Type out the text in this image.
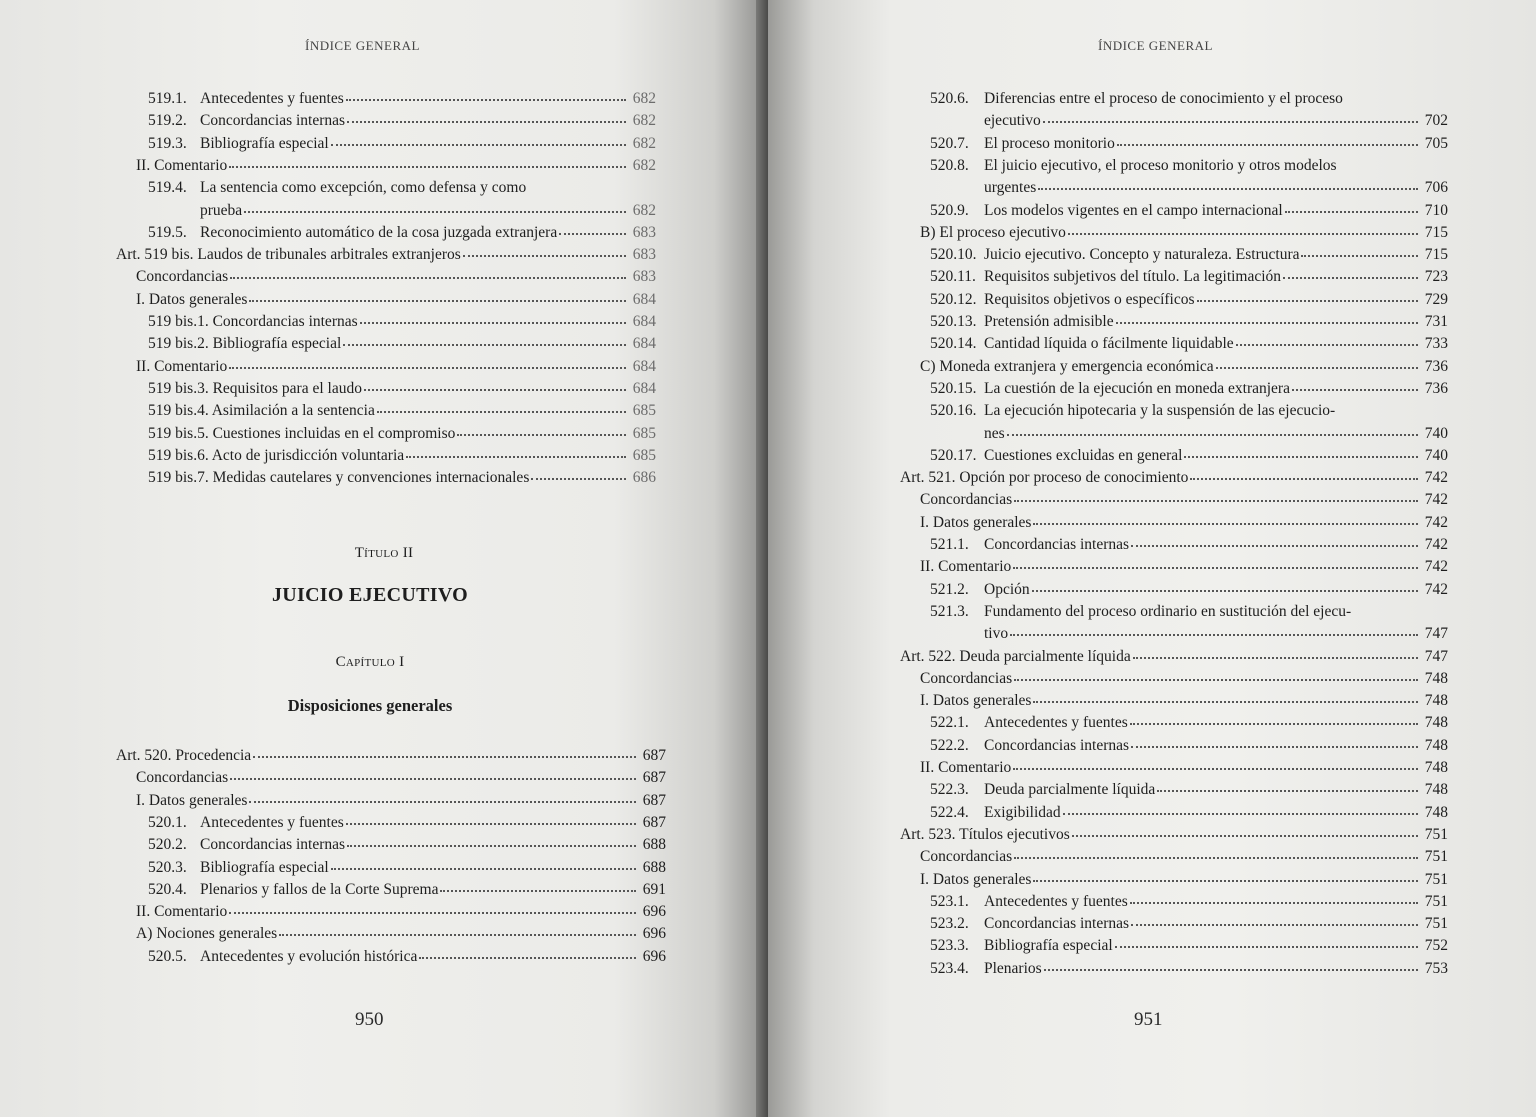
ÍNDICE GENERAL
519.1. Antecedentes y fuentes	682
519.2. Concordancias internas	682
519.3. Bibliografía especial	682
II. Comentario	682
519.4. La sentencia como excepción, como defensa y como
prueba	682
519.5. Reconocimiento automático de la cosa juzgada extranjera	683
Art. 519 bis. Laudos de tribunales arbitrales extranjeros	683
Concordancias	683
I. Datos generales	684
519 bis.1. Concordancias internas	684
519 bis.2. Bibliografía especial	684
II. Comentario	684
519 bis.3. Requisitos para el laudo	684
519 bis.4. Asimilación a la sentencia	685
519 bis.5. Cuestiones incluidas en el compromiso	685
519 bis.6. Acto de jurisdicción voluntaria	685
519 bis.7. Medidas cautelares y convenciones internacionales	686
Título II
JUICIO EJECUTIVO
Capítulo I
Disposiciones generales
Art. 520. Procedencia	687
Concordancias	687
I. Datos generales	687
520.1. Antecedentes y fuentes	687
520.2. Concordancias internas	688
520.3. Bibliografía especial	688
520.4. Plenarios y fallos de la Corte Suprema	691
II. Comentario	696
A) Nociones generales	696
520.5. Antecedentes y evolución histórica	696
950
ÍNDICE GENERAL
520.6. Diferencias entre el proceso de conocimiento y el proceso
ejecutivo	702
520.7. El proceso monitorio	705
520.8. El juicio ejecutivo, el proceso monitorio y otros modelos
urgentes	706
520.9. Los modelos vigentes en el campo internacional	710
B) El proceso ejecutivo	715
520.10. Juicio ejecutivo. Concepto y naturaleza. Estructura	715
520.11. Requisitos subjetivos del título. La legitimación	723
520.12. Requisitos objetivos o específicos	729
520.13. Pretensión admisible	731
520.14. Cantidad líquida o fácilmente liquidable	733
C) Moneda extranjera y emergencia económica	736
520.15. La cuestión de la ejecución en moneda extranjera	736
520.16. La ejecución hipotecaria y la suspensión de las ejecucio-
nes	740
520.17. Cuestiones excluidas en general	740
Art. 521. Opción por proceso de conocimiento	742
Concordancias	742
I. Datos generales	742
521.1. Concordancias internas	742
II. Comentario	742
521.2. Opción	742
521.3. Fundamento del proceso ordinario en sustitución del ejecu-
tivo	747
Art. 522. Deuda parcialmente líquida	747
Concordancias	748
I. Datos generales	748
522.1. Antecedentes y fuentes	748
522.2. Concordancias internas	748
II. Comentario	748
522.3. Deuda parcialmente líquida	748
522.4. Exigibilidad	748
Art. 523. Títulos ejecutivos	751
Concordancias	751
I. Datos generales	751
523.1. Antecedentes y fuentes	751
523.2. Concordancias internas	751
523.3. Bibliografía especial	752
523.4. Plenarios	753
951
